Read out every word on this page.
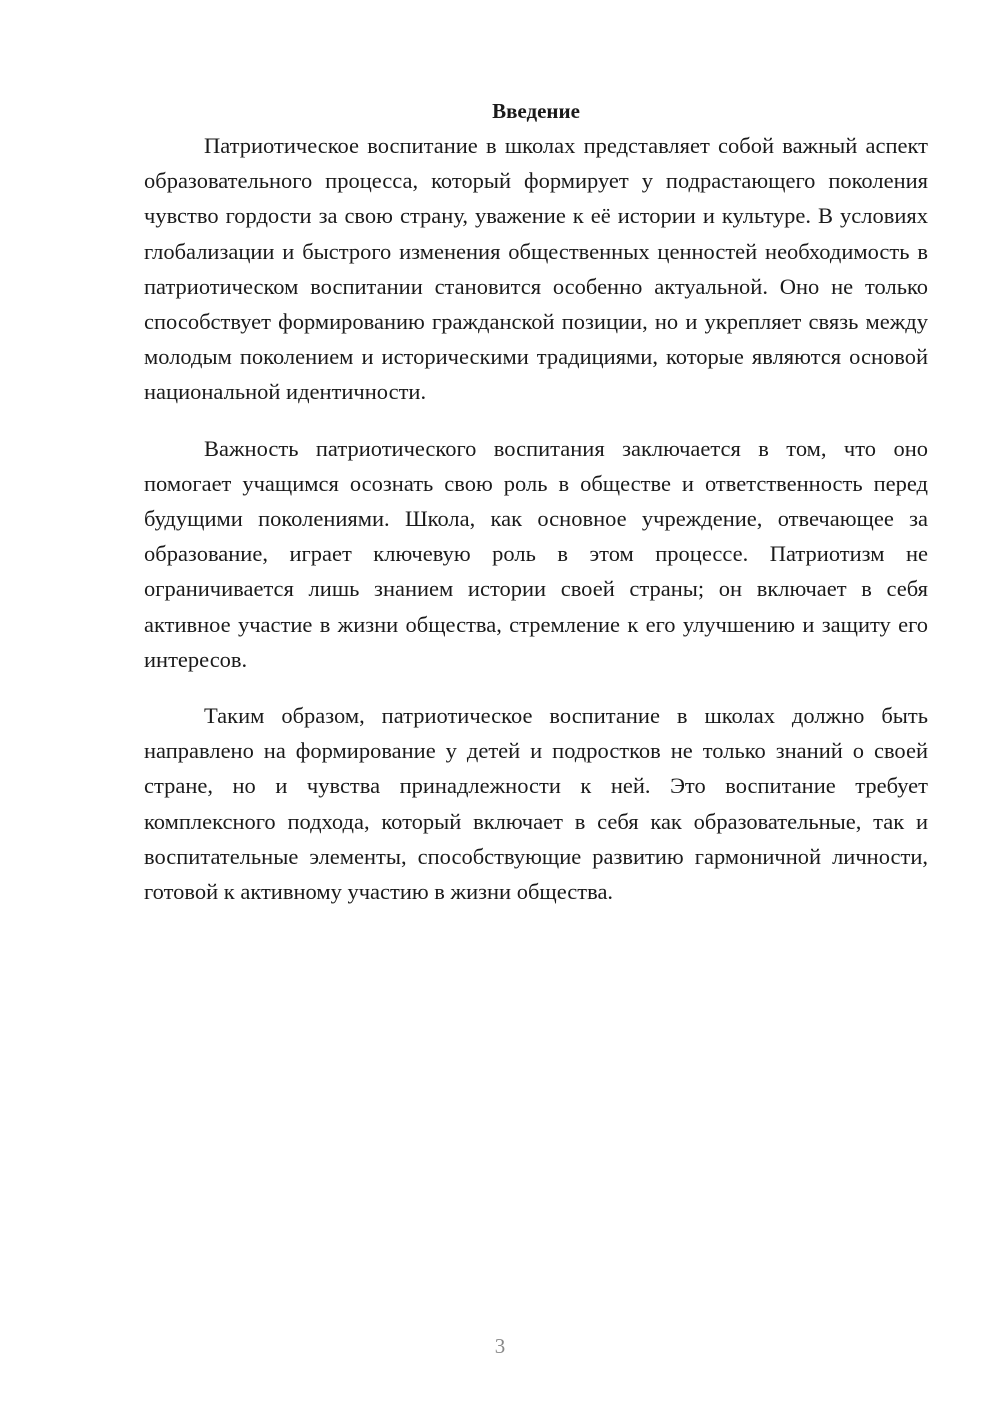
Введение

Патриотическое воспитание в школах представляет собой важный аспект образовательного процесса, который формирует у подрастающего поколения чувство гордости за свою страну, уважение к её истории и культуре. В условиях глобализации и быстрого изменения общественных ценностей необходимость в патриотическом воспитании становится особенно актуальной. Оно не только способствует формированию гражданской позиции, но и укрепляет связь между молодым поколением и историческими традициями, которые являются основой национальной идентичности.

Важность патриотического воспитания заключается в том, что оно помогает учащимся осознать свою роль в обществе и ответственность перед будущими поколениями. Школа, как основное учреждение, отвечающее за образование, играет ключевую роль в этом процессе. Патриотизм не ограничивается лишь знанием истории своей страны; он включает в себя активное участие в жизни общества, стремление к его улучшению и защиту его интересов.

Таким образом, патриотическое воспитание в школах должно быть направлено на формирование у детей и подростков не только знаний о своей стране, но и чувства принадлежности к ней. Это воспитание требует комплексного подхода, который включает в себя как образовательные, так и воспитательные элементы, способствующие развитию гармоничной личности, готовой к активному участию в жизни общества.

3
